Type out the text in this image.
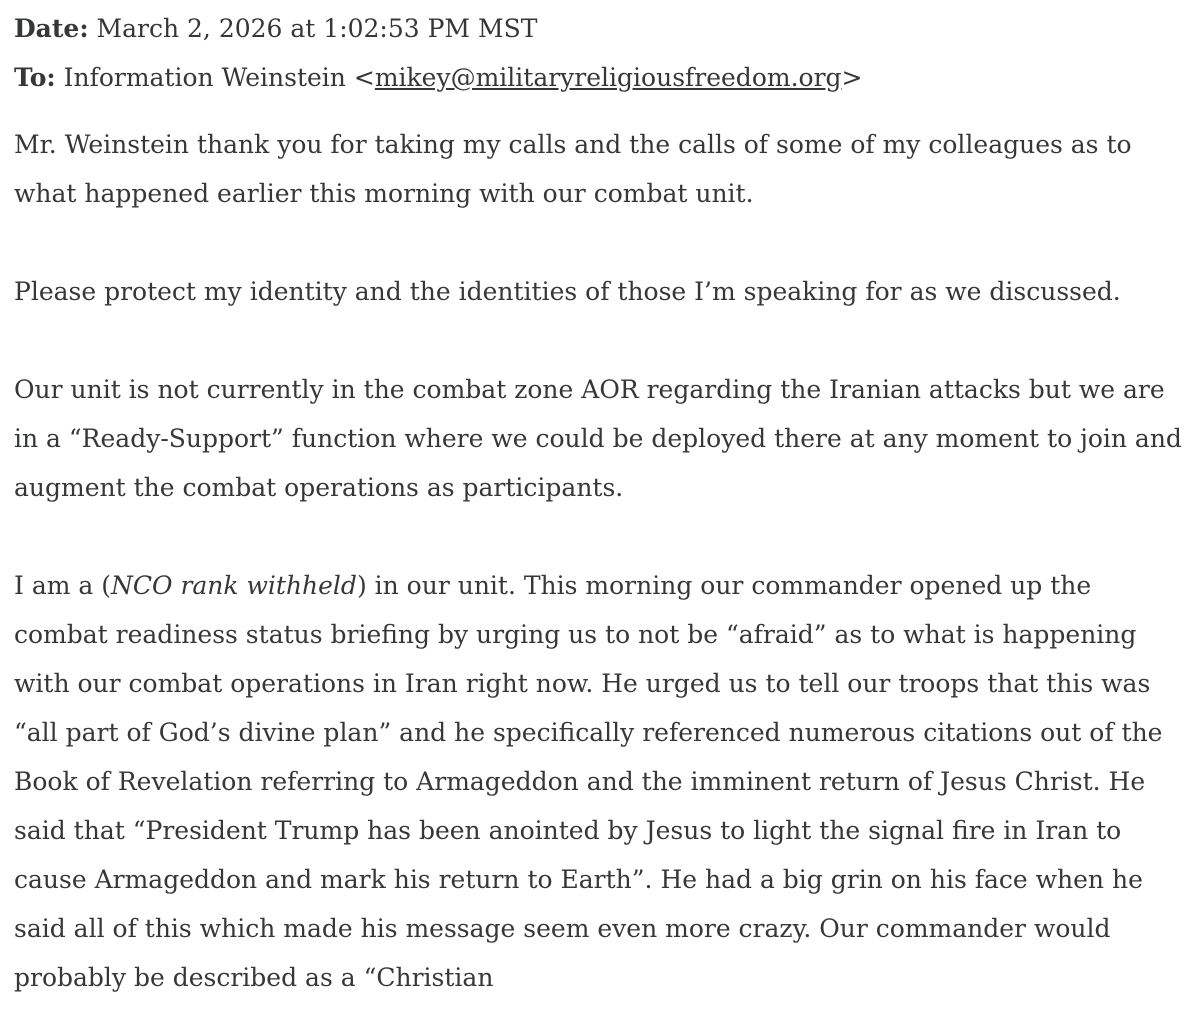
Date: March 2, 2026 at 1:02:53 PM MST
To: Information Weinstein <mikey@militaryreligiousfreedom.org>

Mr. Weinstein thank you for taking my calls and the calls of some of my colleagues as to what happened earlier this morning with our combat unit.

Please protect my identity and the identities of those I’m speaking for as we discussed.

Our unit is not currently in the combat zone AOR regarding the Iranian attacks but we are in a “Ready-Support” function where we could be deployed there at any moment to join and augment the combat operations as participants.

I am a (NCO rank withheld) in our unit. This morning our commander opened up the combat readiness status briefing by urging us to not be “afraid” as to what is happening with our combat operations in Iran right now. He urged us to tell our troops that this was “all part of God’s divine plan” and he specifically referenced numerous citations out of the Book of Revelation referring to Armageddon and the imminent return of Jesus Christ. He said that “President Trump has been anointed by Jesus to light the signal fire in Iran to cause Armageddon and mark his return to Earth”. He had a big grin on his face when he said all of this which made his message seem even more crazy. Our commander would probably be described as a “Christian
